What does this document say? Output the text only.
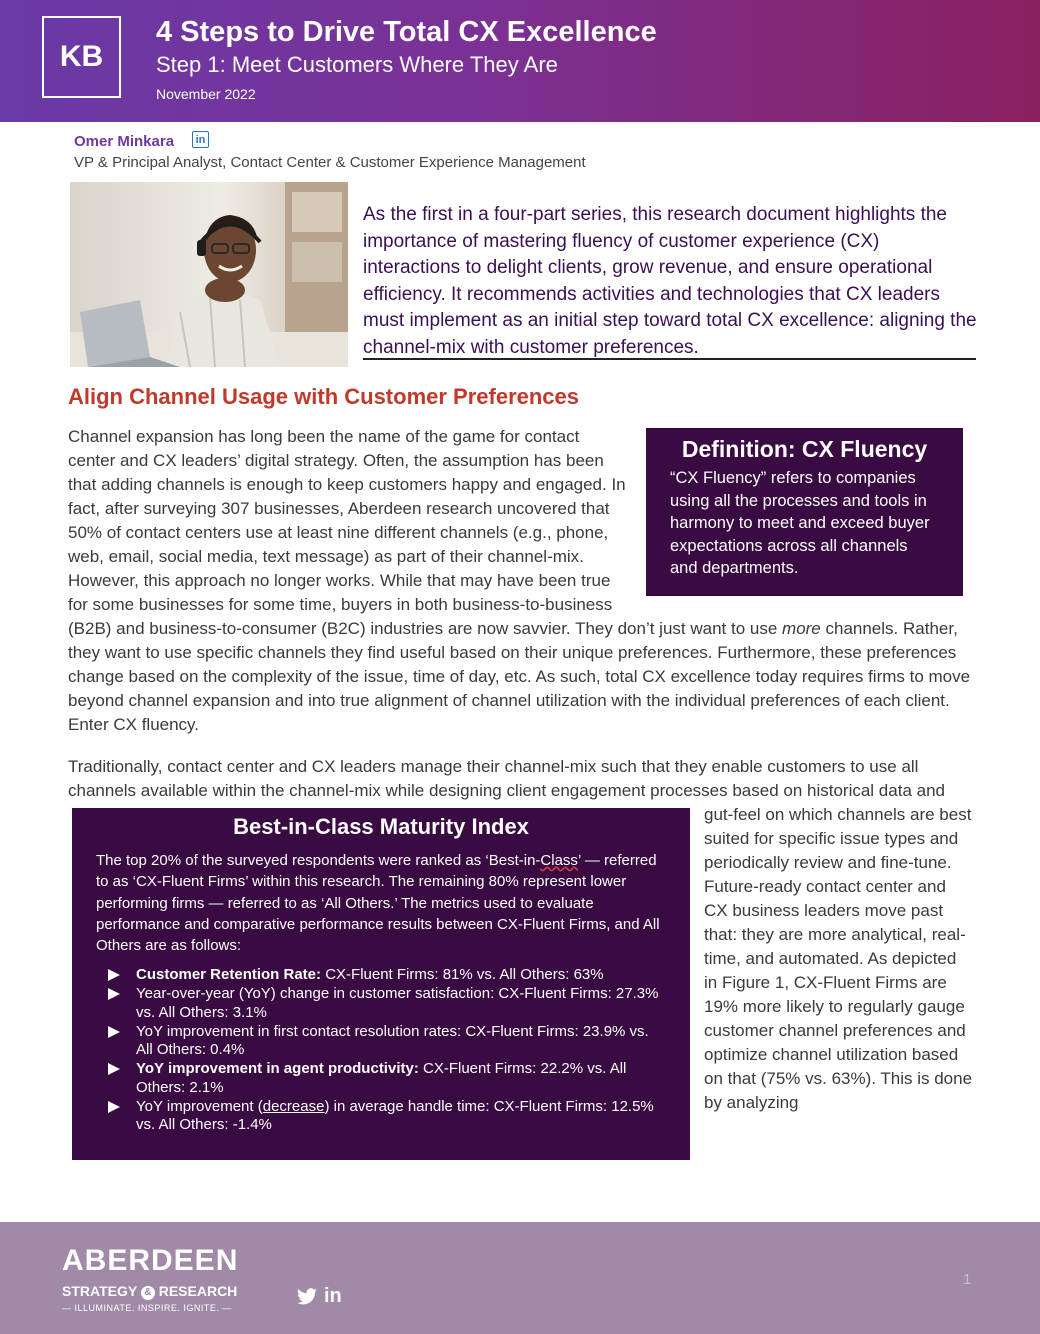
KB
4 Steps to Drive Total CX Excellence
Step 1: Meet Customers Where They Are
November 2022
Omer Minkara	in
VP & Principal Analyst, Contact Center & Customer Experience Management
As the first in a four-part series, this research document highlights the importance of mastering fluency of customer experience (CX) interactions to delight clients, grow revenue, and ensure operational efficiency. It recommends activities and technologies that CX leaders must implement as an initial step toward total CX excellence: aligning the channel-mix with customer preferences.
Align Channel Usage with Customer Preferences
Channel expansion has long been the name of the game for contact center and CX leaders’ digital strategy. Often, the assumption has been that adding channels is enough to keep customers happy and engaged. In fact, after surveying 307 businesses, Aberdeen research uncovered that 50% of contact centers use at least nine different channels (e.g., phone, web, email, social media, text message) as part of their channel-mix. However, this approach no longer works. While that may have been true for some businesses for some time, buyers in both business-to-business (B2B) and business-to-consumer (B2C) industries are now savvier. They don’t just want to use more channels. Rather, they want to use specific channels they find useful based on their unique preferences. Furthermore, these preferences change based on the complexity of the issue, time of day, etc. As such, total CX excellence today requires firms to move beyond channel expansion and into true alignment of channel utilization with the individual preferences of each client. Enter CX fluency.
Traditionally, contact center and CX leaders manage their channel-mix such that they enable customers to use all channels available within the channel-mix while designing client engagement processes based on historical data and gut-feel on which channels are best suited for specific issue types and periodically review and fine-tune. Future-ready contact center and CX business leaders move past that: they are more analytical, real-time, and automated. As depicted in Figure 1, CX-Fluent Firms are 19% more likely to regularly gauge customer channel preferences and optimize channel utilization based on that (75% vs. 63%). This is done by analyzing
Definition: CX Fluency

“CX Fluency” refers to companies using all the processes and tools in harmony to meet and exceed buyer expectations across all channels and departments.

Best-in-Class Maturity Index

The top 20% of the surveyed respondents were ranked as ‘Best-in-Class’ — referred to as ‘CX-Fluent Firms’ within this research. The remaining 80% represent lower performing firms — referred to as ‘All Others.’ The metrics used to evaluate performance and comparative performance results between CX-Fluent Firms, and All Others are as follows:

Customer Retention Rate: CX-Fluent Firms: 81% vs. All Others: 63%
Year-over-year (YoY) change in customer satisfaction: CX-Fluent Firms: 27.3% vs. All Others: 3.1%
YoY improvement in first contact resolution rates: CX-Fluent Firms: 23.9% vs. All Others: 0.4%
YoY improvement in agent productivity: CX-Fluent Firms: 22.2% vs. All Others: 2.1%
YoY improvement (decrease) in average handle time: CX-Fluent Firms: 12.5% vs. All Others: -1.4%
ABERDEEN
STRATEGY & RESEARCH
— ILLUMINATE. INSPIRE. IGNITE. —
in
1
